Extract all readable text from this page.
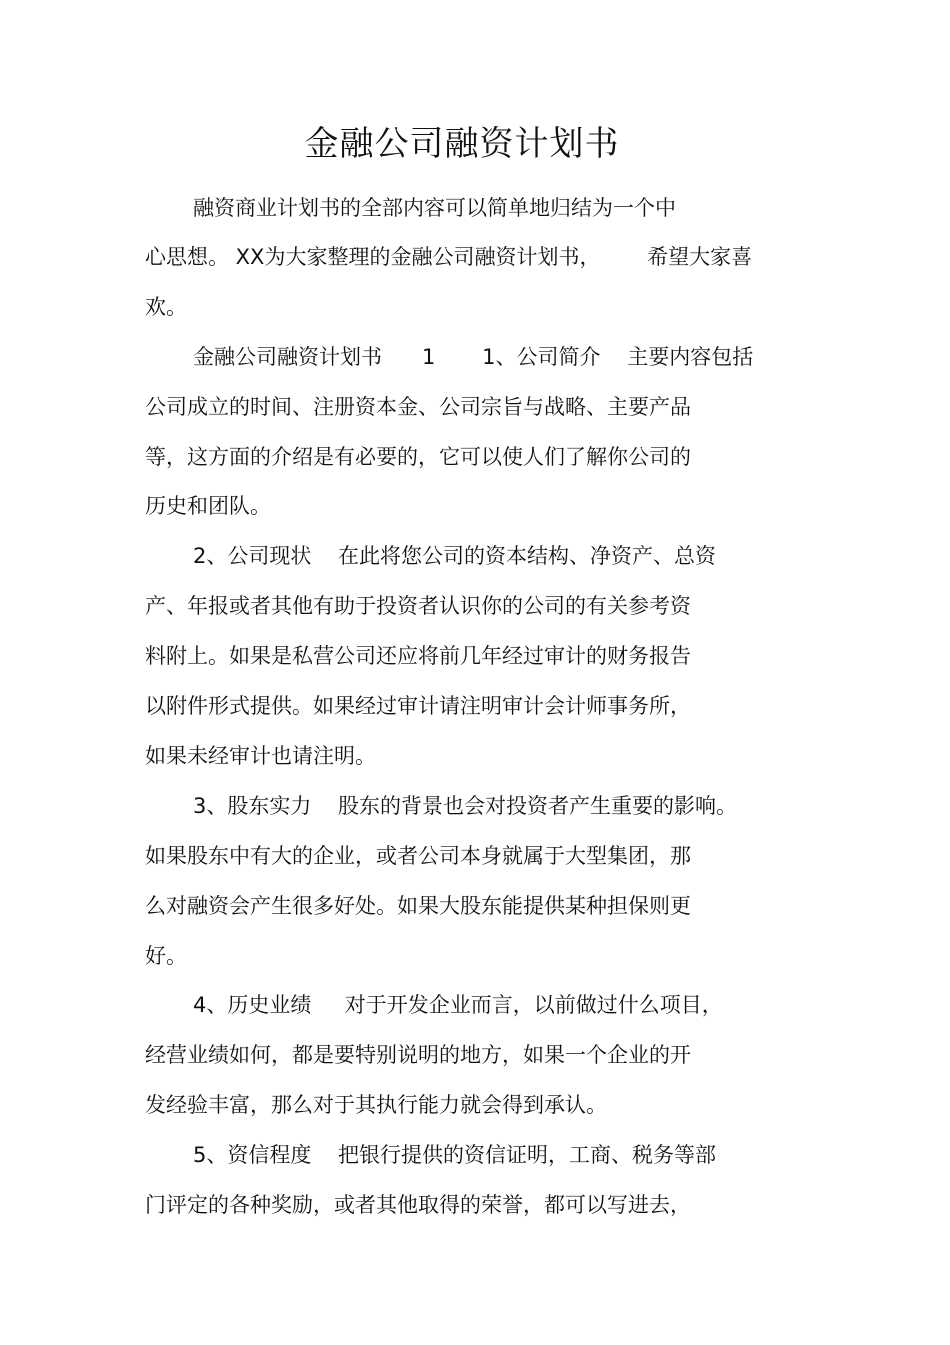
金融公司融资计划书
融资商业计划书的全部内容可以简单地归结为一个中
心思想。 XX为大家整理的金融公司融资计划书，       希望大家喜
欢。
金融公司融资计划书      1       1、公司简介    主要内容包括
公司成立的时间、注册资本金、公司宗旨与战略、主要产品
等，这方面的介绍是有必要的，它可以使人们了解你公司的
历史和团队。
2、公司现状    在此将您公司的资本结构、净资产、总资
产、年报或者其他有助于投资者认识你的公司的有关参考资
料附上。如果是私营公司还应将前几年经过审计的财务报告
以附件形式提供。如果经过审计请注明审计会计师事务所，
如果未经审计也请注明。
3、股东实力    股东的背景也会对投资者产生重要的影响。
如果股东中有大的企业，或者公司本身就属于大型集团，那
么对融资会产生很多好处。如果大股东能提供某种担保则更
好。
4、历史业绩     对于开发企业而言，以前做过什么项目，
经营业绩如何，都是要特别说明的地方，如果一个企业的开
发经验丰富，那么对于其执行能力就会得到承认。
5、资信程度    把银行提供的资信证明，工商、税务等部
门评定的各种奖励，或者其他取得的荣誉，都可以写进去，
